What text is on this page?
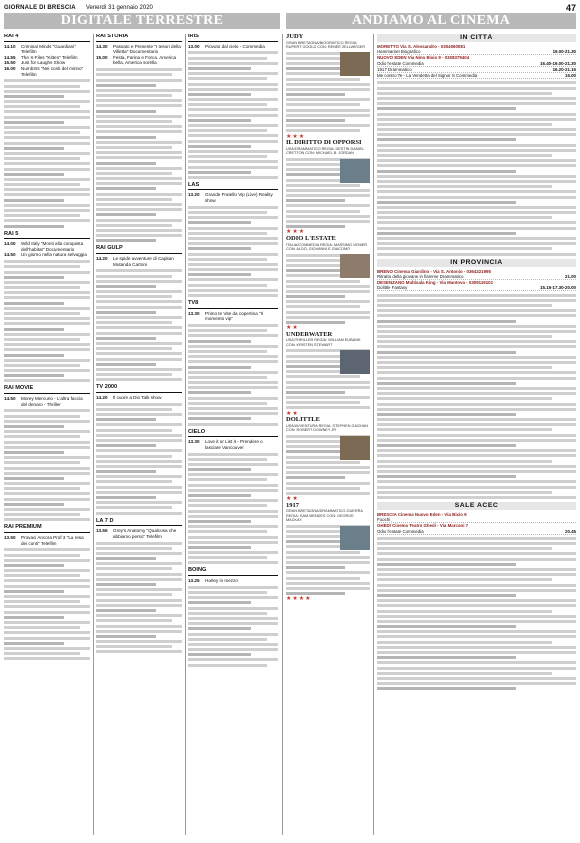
GIORNALE DI BRESCIA Venerdì 31 gennaio 2020	47
DIGITALE TERRESTRE	ANDIAMO AL CINEMA
RAI 4
14.10	Criminal Minds "Guardiani" Telefilm
14.55	The X-Files "Kitten" Telefilm
15.50	Just for Laughs Show
16.00	Numb3rs "Nei conti del mirino" Telefilm
RAI 5
14.00	Wild Italy "Monti alla conquista dell'habitat" Documentario
14.50	Un giorno nella natura selvaggia
RAI MOVIE
14.50	Morey Mercurio - L'altra faccia del denaro - Thriller
RAI PREMIUM
13.50	Provaci Ancora Prof 3 "La resa dei conti" Telefilm
RAI STORIA
14.30	Passato e Presente "I tesori della Villetta" Documentario
15.00	Festa, Farina e Forca. America bella, America sorella
RAI GULP
14.20	Le spide avventure di Capitan Mutanda Cartoni
TV 2000
14.20	Il cuore a Dio Talk show
LA 7 D
13.55	Grey's Anatomy "Qualcosa che abbiamo perso" Telefilm
IRIS
13.00	Piovuto dal cielo - Commedia
LAS
13.20	Grande Fratello Vip (Live) Reality show
TV8
13.30	Primo te Vite da copertina "Il momento vip"
CIELO
13.30	Love it or List it - Prendere o lasciare Vancouver
BOING
13.25	Harley in mezzo
JUDY
GRAN BRETAGNA/BIOGRAFICO REGIA: RUPERT GOOLD CON: RENÉE ZELLWEGER
★★★
IL DIRITTO DI OPPORSI
USA/DRAMMATICO REGIA: DESTIN DANIEL CRETTON CON: MICHAEL B. JORDAN
★★★
ODIO L'ESTATE
ITALIA/COMMEDIA REGIA: MASSIMO VENIER CON: ALDO, GIOVANNI E GIACOMO
★★
UNDERWATER
USA/THRILLER REGIA: WILLIAM EUBANK CON: KRISTEN STEWART
★★
DOLITTLE
USA/AVVENTURA REGIA: STEPHEN GAGHAN CON: ROBERT DOWNEY JR
★★
1917
GRAN BRETAGNA/DRAMMATICO-GUERRA REGIA: SAM MENDES CON: GEORGE MACKAY
★★★★
IN CITTÀ
MORETTO Via S. Alessandro - 0304060081
Hammamet Biografico	19.00-21.30
NUOVO EDEN Via Nino Bixio 9 - 0308379404
Odio l'estate Commedia	16.40-19.00-21.30
1917 Drammatico	16.20-21.15
Me contro Te - La Vendetta del Signor S Commedia	15.00
IN PROVINCIA
BRENO Cinema Giardino - Via S. Antonio - 0364321995
Ritratto della giovane in fiamme Drammatico	21.00
DESENZANO Multisala King - Via Mantova - 0309119101
Dolittle Fantasy	15.15-17.30-20.00
SALE ACEC
BRESCIA Cinema Nuovo Eden - Via Bixio 9
Fuochi
GHEDI Cinema Teatro Ghedi - Via Marconi 7
Odio l'estate Commedia	20.45
